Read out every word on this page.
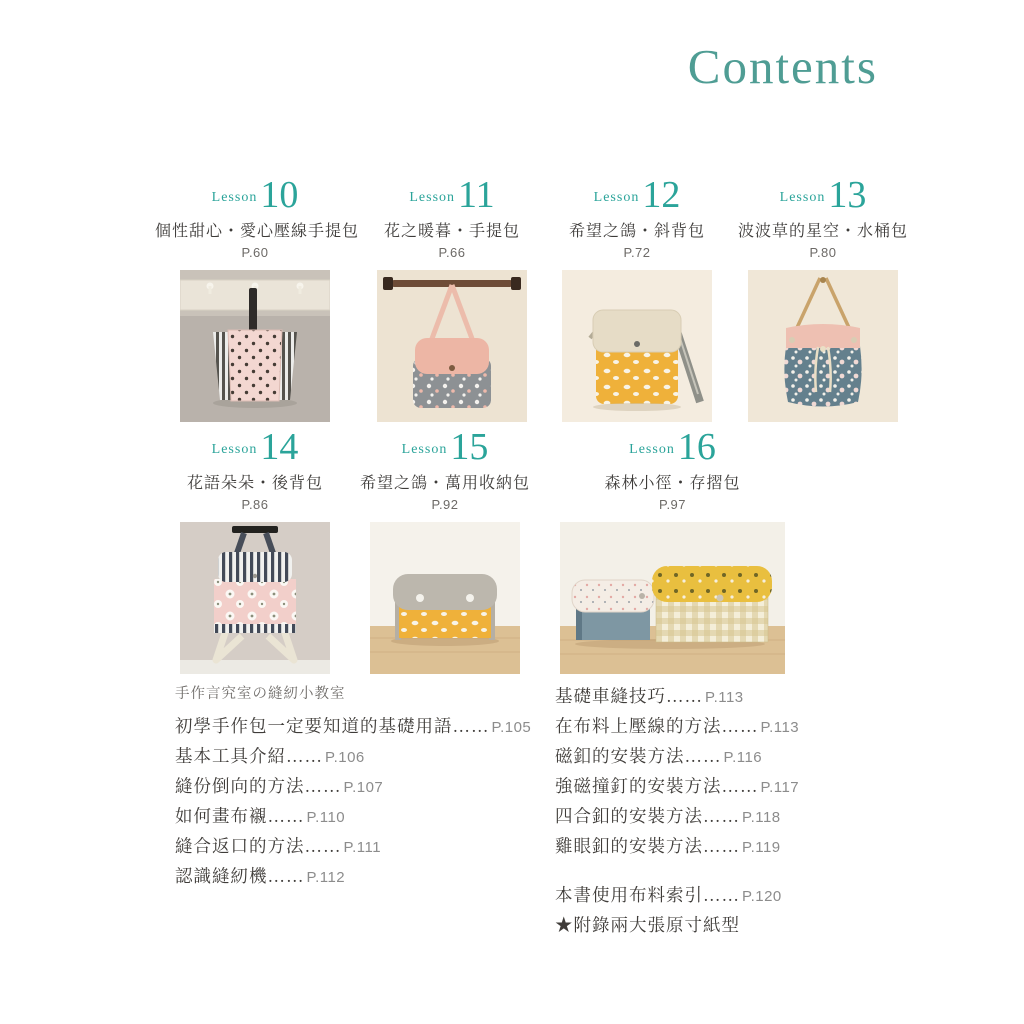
Contents
Lesson 10
個性甜心・愛心壓線手提包
P.60
Lesson 11
花之暖暮・手提包
P.66
Lesson 12
希望之鴿・斜背包
P.72
Lesson 13
波波草的星空・水桶包
P.80
Lesson 14
花語朵朵・後背包
P.86
Lesson 15
希望之鴿・萬用收納包
P.92
Lesson 16
森林小徑・存摺包
P.97
手作言究室の縫紉小教室
初學手作包一定要知道的基礎用語…… P.105
基本工具介紹…… P.106
縫份倒向的方法…… P.107
如何畫布襯…… P.110
縫合返口的方法…… P.111
認識縫紉機…… P.112
基礎車縫技巧…… P.113
在布料上壓線的方法…… P.113
磁釦的安裝方法…… P.116
強磁撞釘的安裝方法…… P.117
四合釦的安裝方法…… P.118
雞眼釦的安裝方法…… P.119
本書使用布料索引…… P.120
★附錄兩大張原寸紙型
